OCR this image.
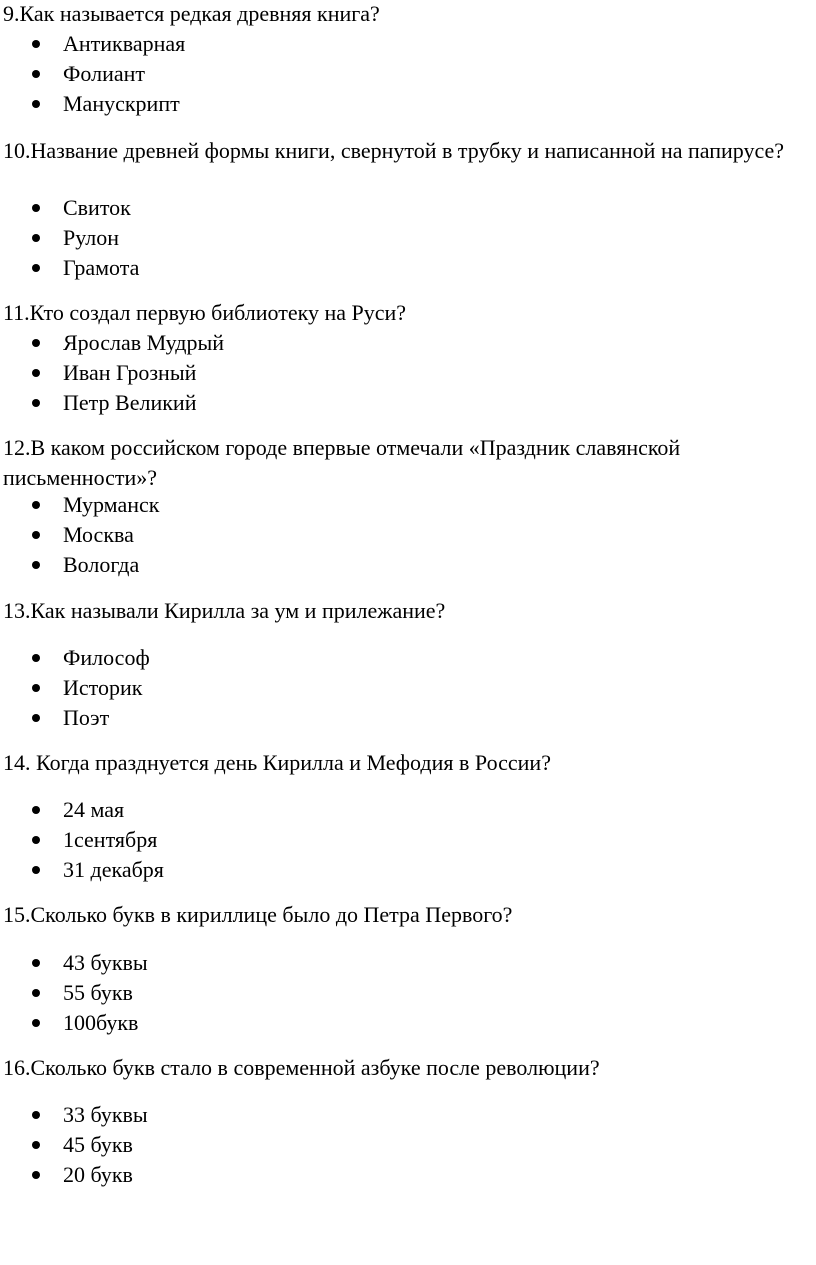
9.Как называется редкая древняя книга?
Антикварная
Фолиант
Манускрипт
10.Название древней формы книги, свернутой в трубку и написанной на папирусе?
Свиток
Рулон
Грамота
11.Кто создал первую библиотеку на Руси?
Ярослав Мудрый
Иван Грозный
Петр Великий
12.В каком российском городе впервые отмечали «Праздник славянской письменности»?
Мурманск
Москва
Вологда
13.Как называли Кирилла за ум и прилежание?
Философ
Историк
Поэт
14. Когда празднуется день Кирилла и Мефодия в России?
24 мая
1сентября
31 декабря
15.Сколько букв в кириллице было до Петра Первого?
43 буквы
55 букв
100букв
16.Сколько букв стало в современной азбуке после революции?
33 буквы
45 букв
20 букв
